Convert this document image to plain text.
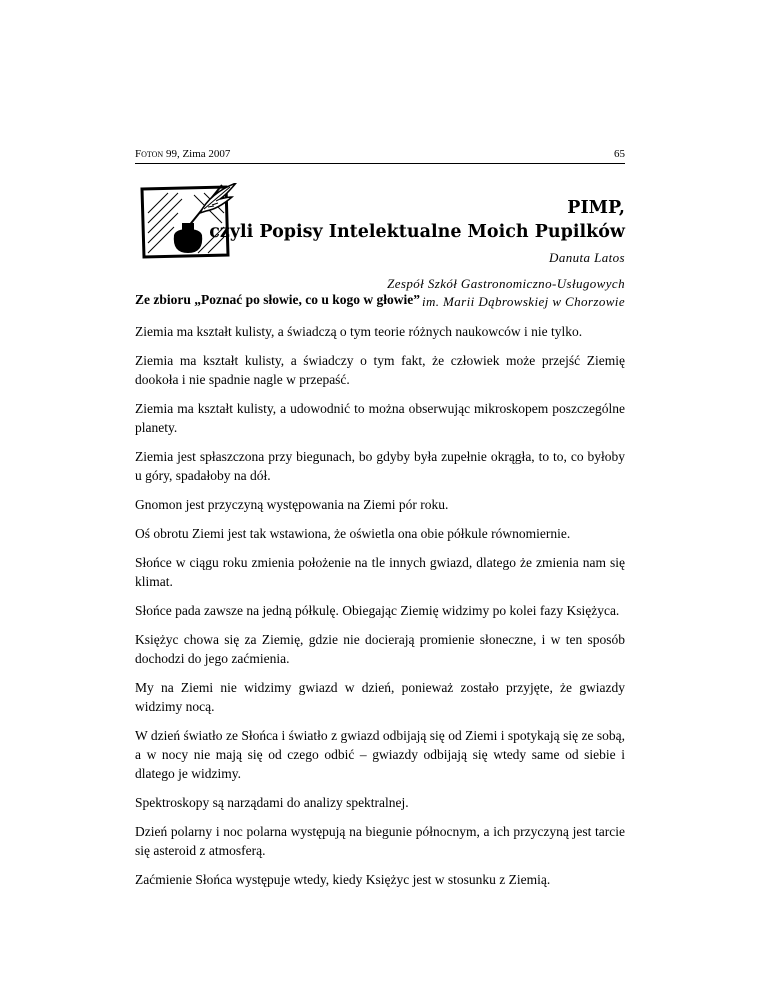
Foton 99, Zima 2007	65
PIMP,
czyli Popisy Intelektualne Moich Pupilków
Danuta Latos
Zespół Szkół Gastronomiczno-Usługowych
im. Marii Dąbrowskiej w Chorzowie
Ze zbioru „Poznać po słowie, co u kogo w głowie”

Ziemia ma kształt kulisty, a świadczą o tym teorie różnych naukowców i nie tylko.

Ziemia ma kształt kulisty, a świadczy o tym fakt, że człowiek może przejść Ziemię dookoła i nie spadnie nagle w przepaść.

Ziemia ma kształt kulisty, a udowodnić to można obserwując mikroskopem poszczególne planety.

Ziemia jest spłaszczona przy biegunach, bo gdyby była zupełnie okrągła, to to, co byłoby u góry, spadałoby na dół.

Gnomon jest przyczyną występowania na Ziemi pór roku.

Oś obrotu Ziemi jest tak wstawiona, że oświetla ona obie półkule równomiernie.

Słońce w ciągu roku zmienia położenie na tle innych gwiazd, dlatego że zmienia nam się klimat.

Słońce pada zawsze na jedną półkulę. Obiegając Ziemię widzimy po kolei fazy Księżyca.

Księżyc chowa się za Ziemię, gdzie nie docierają promienie słoneczne, i w ten sposób dochodzi do jego zaćmienia.

My na Ziemi nie widzimy gwiazd w dzień, ponieważ zostało przyjęte, że gwiazdy widzimy nocą.

W dzień światło ze Słońca i światło z gwiazd odbijają się od Ziemi i spotykają się ze sobą, a w nocy nie mają się od czego odbić – gwiazdy odbijają się wtedy same od siebie i dlatego je widzimy.

Spektroskopy są narządami do analizy spektralnej.

Dzień polarny i noc polarna występują na biegunie północnym, a ich przyczyną jest tarcie się asteroid z atmosferą.

Zaćmienie Słońca występuje wtedy, kiedy Księżyc jest w stosunku z Ziemią.
